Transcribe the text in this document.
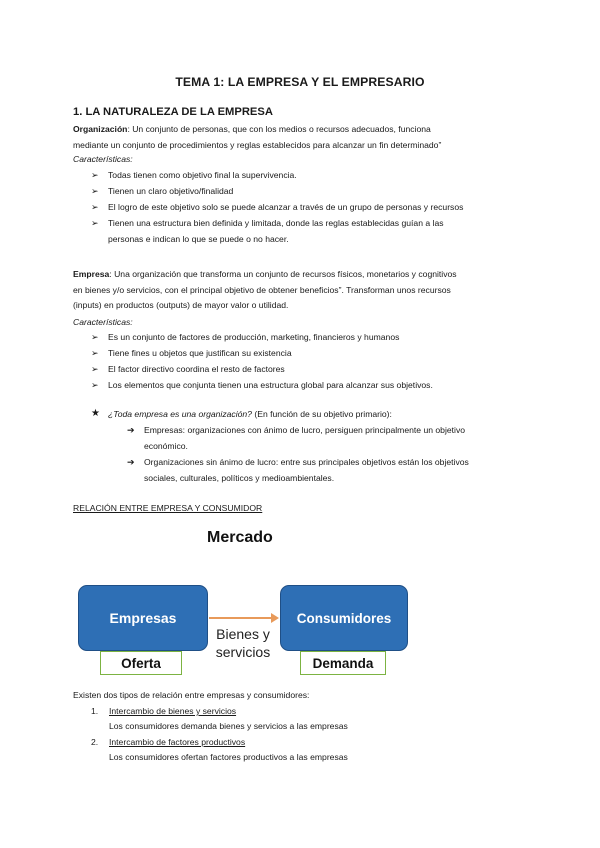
TEMA 1: LA EMPRESA Y EL EMPRESARIO
1. LA NATURALEZA DE LA EMPRESA
Organización: Un conjunto de personas, que con los medios o recursos adecuados, funciona
mediante un conjunto de procedimientos y reglas establecidos para alcanzar un fin determinado”
Características:
➢	Todas tienen como objetivo final la supervivencia.
➢	Tienen un claro objetivo/finalidad
➢	El logro de este objetivo solo se puede alcanzar a través de un grupo de personas y recursos
➢	Tienen una estructura bien definida y limitada, donde las reglas establecidas guían a las
personas e indican lo que se puede o no hacer.
Empresa: Una organización que transforma un conjunto de recursos físicos, monetarios y cognitivos
en bienes y/o servicios, con el principal objetivo de obtener beneficios”. Transforman unos recursos
(inputs) en productos (outputs) de mayor valor o utilidad.
Características:
➢	Es un conjunto de factores de producción, marketing, financieros y humanos
➢	Tiene fines u objetos que justifican su existencia
➢	El factor directivo coordina el resto de factores
➢	Los elementos que conjunta tienen una estructura global para alcanzar sus objetivos.
★ ¿Toda empresa es una organización? (En función de su objetivo primario):
➔	Empresas: organizaciones con ánimo de lucro, persiguen principalmente un objetivo
económico.
➔	Organizaciones sin ánimo de lucro: entre sus principales objetivos están los objetivos
sociales, culturales, políticos y medioambientales.
RELACIÓN ENTRE EMPRESA Y CONSUMIDOR
Mercado
Empresas	Consumidores
Bienes y
servicios
Oferta	Demanda
Existen dos tipos de relación entre empresas y consumidores:
1. Intercambio de bienes y servicios
Los consumidores demanda bienes y servicios a las empresas
2. Intercambio de factores productivos
Los consumidores ofertan factores productivos a las empresas
